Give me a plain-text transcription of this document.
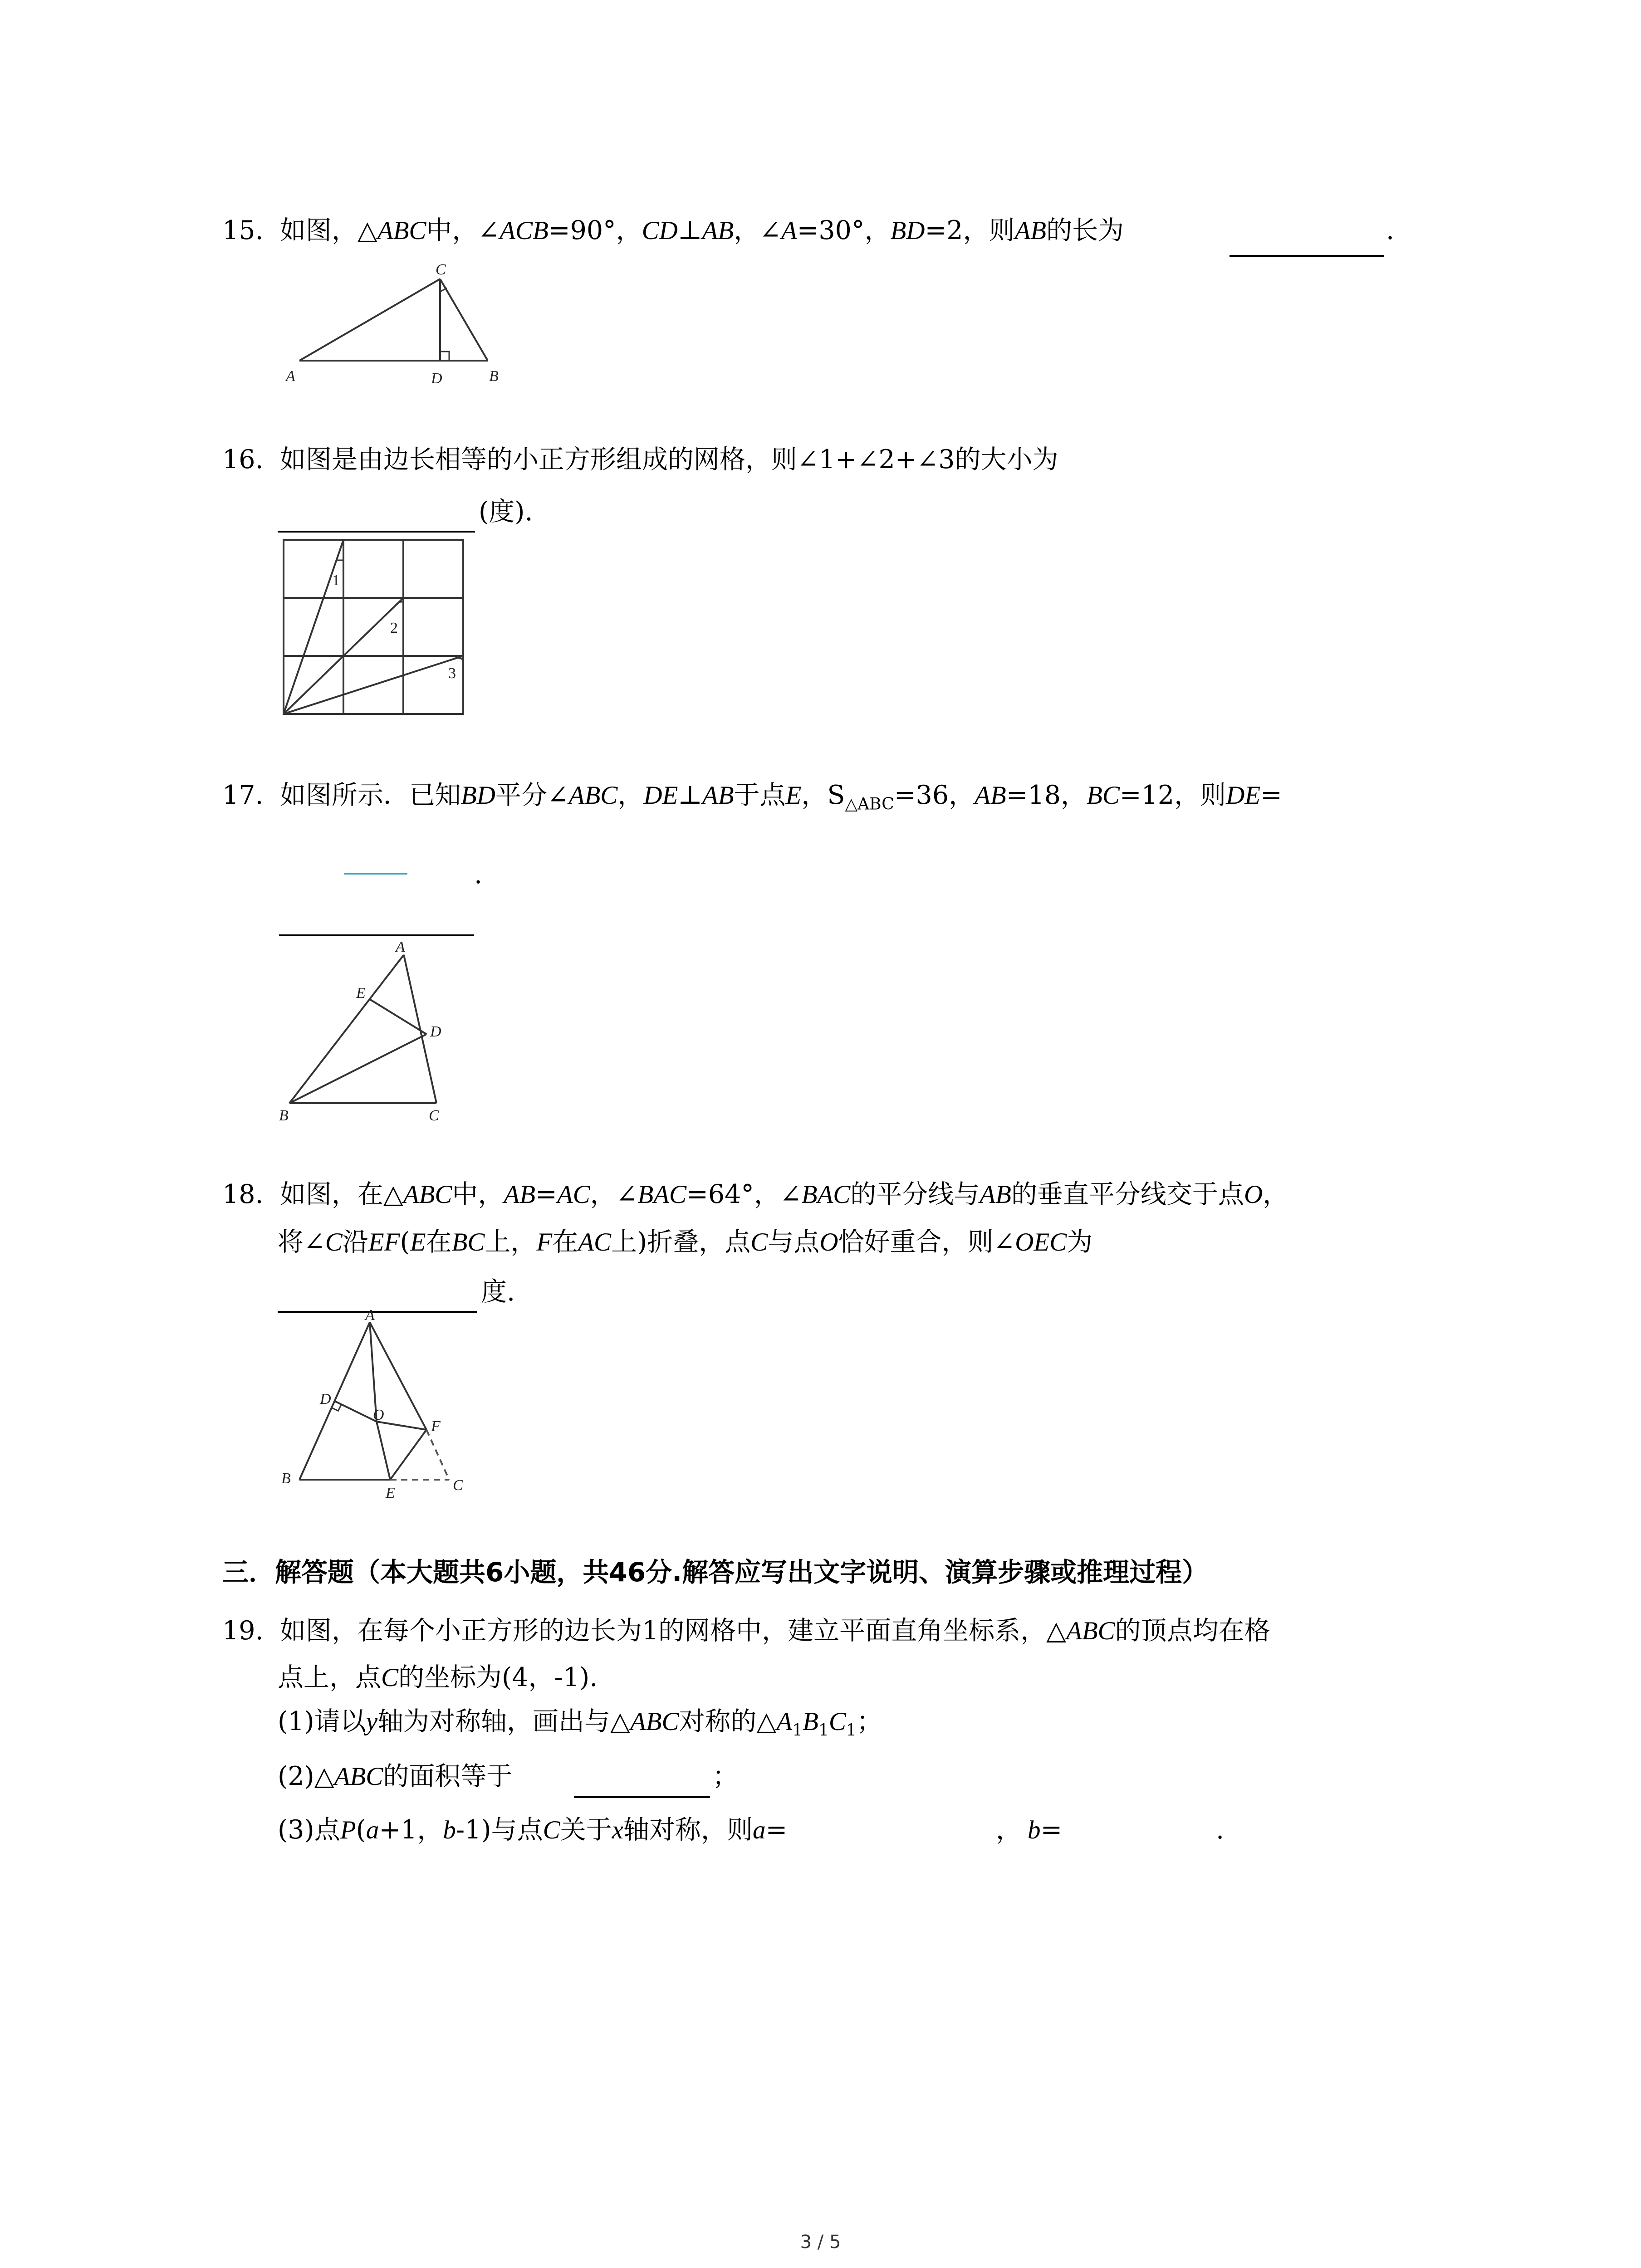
15. 如图，△ABC中，∠ACB=90°，CD⊥AB，∠A=30°，BD=2，则AB的长为	.
A	D	B
C
16. 如图是由边长相等的小正方形组成的网格，则∠1+∠2+∠3的大小为
(度).
1
2
3
17. 如图所示．已知BD平分∠ABC，DE⊥AB于点E，$S_{\triangle ABC}=36$，AB=18，BC=12，则DE=
.
A
E
D
B	C
18. 如图，在△ABC中，AB=AC，∠BAC=64°，∠BAC的平分线与AB的垂直平分线交于点O，
将∠C沿EF(E在BC上，F在AC上)折叠，点C与点O恰好重合，则∠OEC为
度.
A
D
O
F
B
E	C
三．解答题（本大题共6小题，共46分.解答应写出文字说明、演算步骤或推理过程）
19. 如图，在每个小正方形的边长为1的网格中，建立平面直角坐标系，△ABC的顶点均在格
点上，点C的坐标为(4，-1).
(1)请以y轴为对称轴，画出与△ABC对称的$\triangle A_1B_1C_1$；
(2)△ABC的面积等于	；
(3)点P(a+1，b-1)与点C关于x轴对称，则a=	， b=	.
3 / 5
